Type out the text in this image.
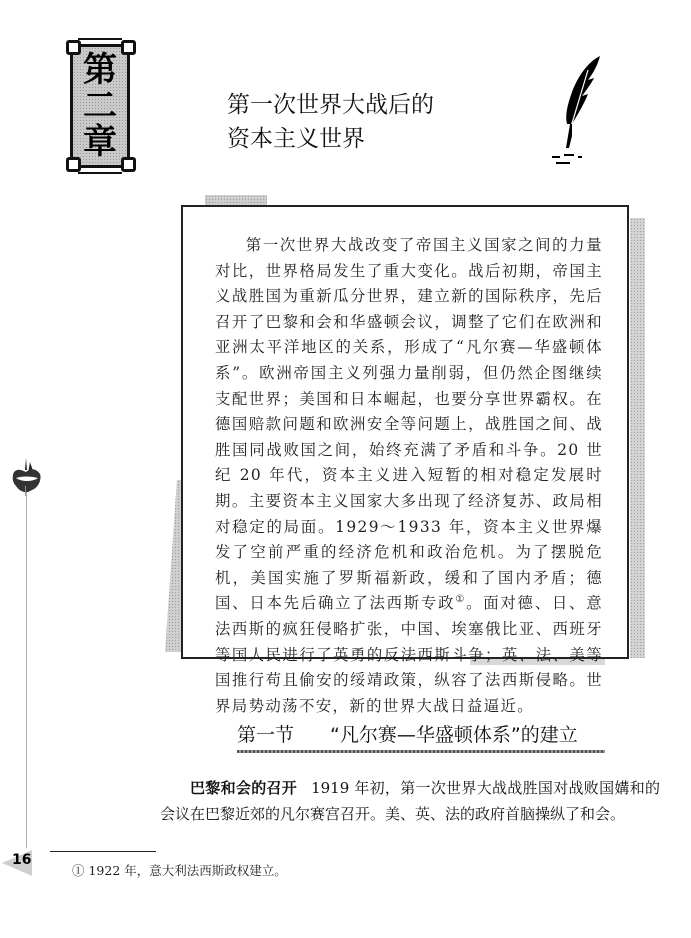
第
二
章
第一次世界大战后的
资本主义世界

第一次世界大战改变了帝国主义国家之间的力量对比，世界格局发生了重大变化。战后初期，帝国主义战胜国为重新瓜分世界，建立新的国际秩序，先后召开了巴黎和会和华盛顿会议，调整了它们在欧洲和亚洲太平洋地区的关系，形成了“凡尔赛—华盛顿体系”。欧洲帝国主义列强力量削弱，但仍然企图继续支配世界；美国和日本崛起，也要分享世界霸权。在德国赔款问题和欧洲安全等问题上，战胜国之间、战胜国同战败国之间，始终充满了矛盾和斗争。20 世纪 20 年代，资本主义进入短暂的相对稳定发展时期。主要资本主义国家大多出现了经济复苏、政局相对稳定的局面。1929～1933 年，资本主义世界爆发了空前严重的经济危机和政治危机。为了摆脱危机，美国实施了罗斯福新政，缓和了国内矛盾；德国、日本先后确立了法西斯专政①。面对德、日、意法西斯的疯狂侵略扩张，中国、埃塞俄比亚、西班牙等国人民进行了英勇的反法西斯斗争；英、法、美等国推行苟且偷安的绥靖政策，纵容了法西斯侵略。世界局势动荡不安，新的世界大战日益逼近。

第一节 “凡尔赛—华盛顿体系”的建立
巴黎和会的召开 1919 年初，第一次世界大战战胜国对战败国媾和的会议在巴黎近郊的凡尔赛宫召开。美、英、法的政府首脑操纵了和会。
① 1922 年，意大利法西斯政权建立。
16
